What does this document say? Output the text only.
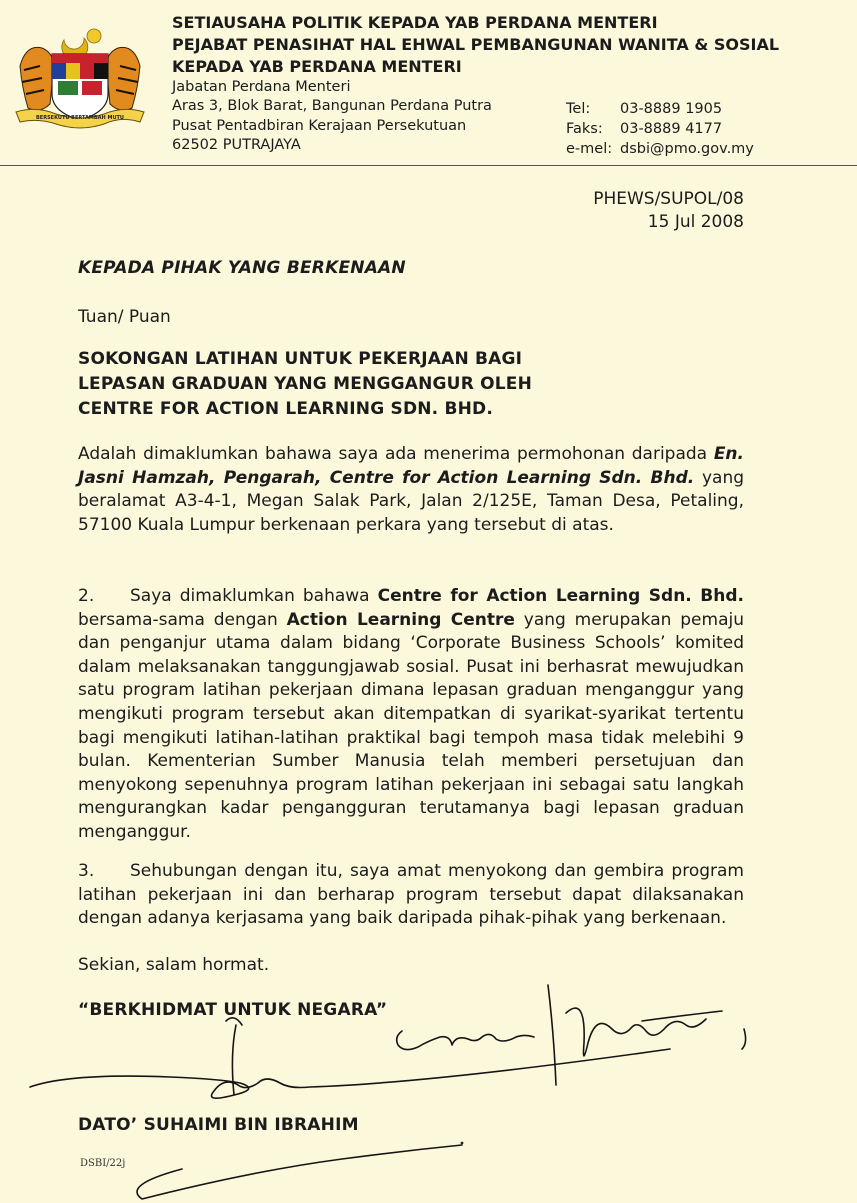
BERSEKUTU BERTAMBAH MUTU
SETIAUSAHA POLITIK KEPADA YAB PERDANA MENTERI
PEJABAT PENASIHAT HAL EHWAL PEMBANGUNAN WANITA & SOSIAL
KEPADA YAB PERDANA MENTERI
Jabatan Perdana Menteri
Aras 3, Blok Barat, Bangunan Perdana Putra
Pusat Pentadbiran Kerajaan Persekutuan
62502 PUTRAJAYA
Tel: 03-8889 1905
Faks: 03-8889 4177
e-mel: dsbi@pmo.gov.my
PHEWS/SUPOL/08
15 Jul 2008
KEPADA PIHAK YANG BERKENAAN
Tuan/ Puan
SOKONGAN LATIHAN UNTUK PEKERJAAN BAGI
LEPASAN GRADUAN YANG MENGGANGUR OLEH
CENTRE FOR ACTION LEARNING SDN. BHD.
Adalah dimaklumkan bahawa saya ada menerima permohonan daripada En. Jasni Hamzah, Pengarah, Centre for Action Learning Sdn. Bhd. yang beralamat A3-4-1, Megan Salak Park, Jalan 2/125E, Taman Desa, Petaling, 57100 Kuala Lumpur berkenaan perkara yang tersebut di atas.
2. Saya dimaklumkan bahawa Centre for Action Learning Sdn. Bhd. bersama-sama dengan Action Learning Centre yang merupakan pemaju dan penganjur utama dalam bidang ‘Corporate Business Schools’ komited dalam melaksanakan tanggungjawab sosial. Pusat ini berhasrat mewujudkan satu program latihan pekerjaan dimana lepasan graduan menganggur yang mengikuti program tersebut akan ditempatkan di syarikat-syarikat tertentu bagi mengikuti latihan-latihan praktikal bagi tempoh masa tidak melebihi 9 bulan. Kementerian Sumber Manusia telah memberi persetujuan dan menyokong sepenuhnya program latihan pekerjaan ini sebagai satu langkah mengurangkan kadar pengangguran terutamanya bagi lepasan graduan menganggur.
3. Sehubungan dengan itu, saya amat menyokong dan gembira program latihan pekerjaan ini dan berharap program tersebut dapat dilaksanakan dengan adanya kerjasama yang baik daripada pihak-pihak yang berkenaan.
Sekian, salam hormat.
“BERKHIDMAT UNTUK NEGARA”
Salam Hormat,
DATO’ SUHAIMI BIN IBRAHIM
DSBI/22j
